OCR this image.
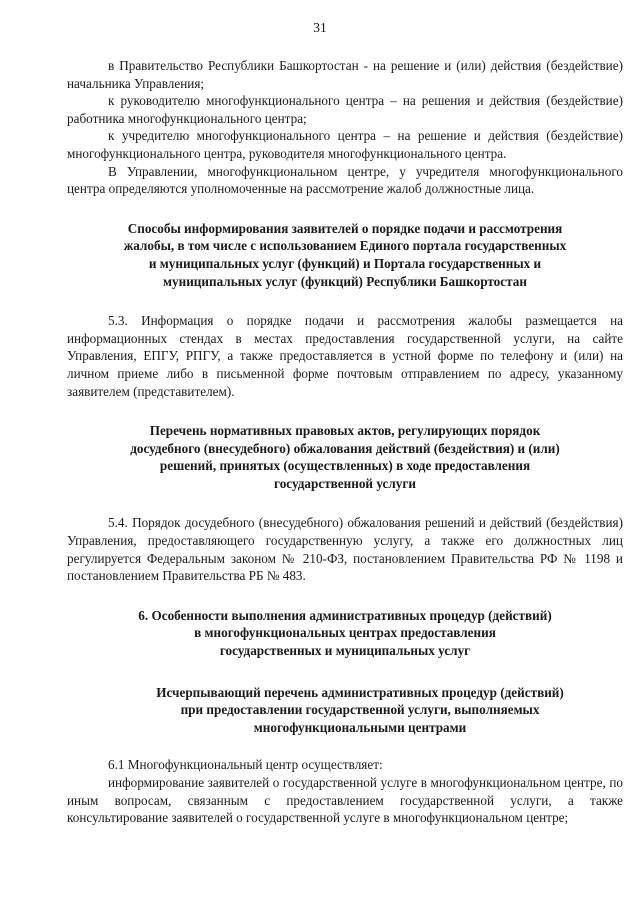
31

в Правительство Республики Башкортостан - на решение и (или) действия (бездействие) начальника Управления;

к руководителю многофункционального центра – на решения и действия (бездействие) работника многофункционального центра;

к учредителю многофункционального центра – на решение и действия (бездействие) многофункционального центра, руководителя многофункционального центра.

В Управлении, многофункциональном центре, у учредителя многофункционального центра определяются уполномоченные на рассмотрение жалоб должностные лица.

Способы информирования заявителей о порядке подачи и рассмотрения

жалобы, в том числе с использованием Единого портала государственных

и муниципальных услуг (функций) и Портала государственных и

муниципальных услуг (функций) Республики Башкортостан

5.3. Информация о порядке подачи и рассмотрения жалобы размещается на информационных стендах в местах предоставления государственной услуги, на сайте Управления, ЕПГУ, РПГУ, а также предоставляется в устной форме по телефону и (или) на личном приеме либо в письменной форме почтовым отправлением по адресу, указанному заявителем (представителем).

Перечень нормативных правовых актов, регулирующих порядок

досудебного (внесудебного) обжалования действий (бездействия) и (или)

решений, принятых (осуществленных) в ходе предоставления

государственной услуги

5.4. Порядок досудебного (внесудебного) обжалования решений и действий (бездействия) Управления, предоставляющего государственную услугу, а также его должностных лиц регулируется Федеральным законом № 210-ФЗ, постановлением Правительства РФ № 1198 и постановлением Правительства РБ № 483.

6. Особенности выполнения административных процедур (действий)

в многофункциональных центрах предоставления

государственных и муниципальных услуг

Исчерпывающий перечень административных процедур (действий)

при предоставлении государственной услуги, выполняемых

многофункциональными центрами

6.1 Многофункциональный центр осуществляет:

информирование заявителей о государственной услуге в многофункциональном центре, по иным вопросам, связанным с предоставлением государственной услуги, а также консультирование заявителей о государственной услуге в многофункциональном центре;
